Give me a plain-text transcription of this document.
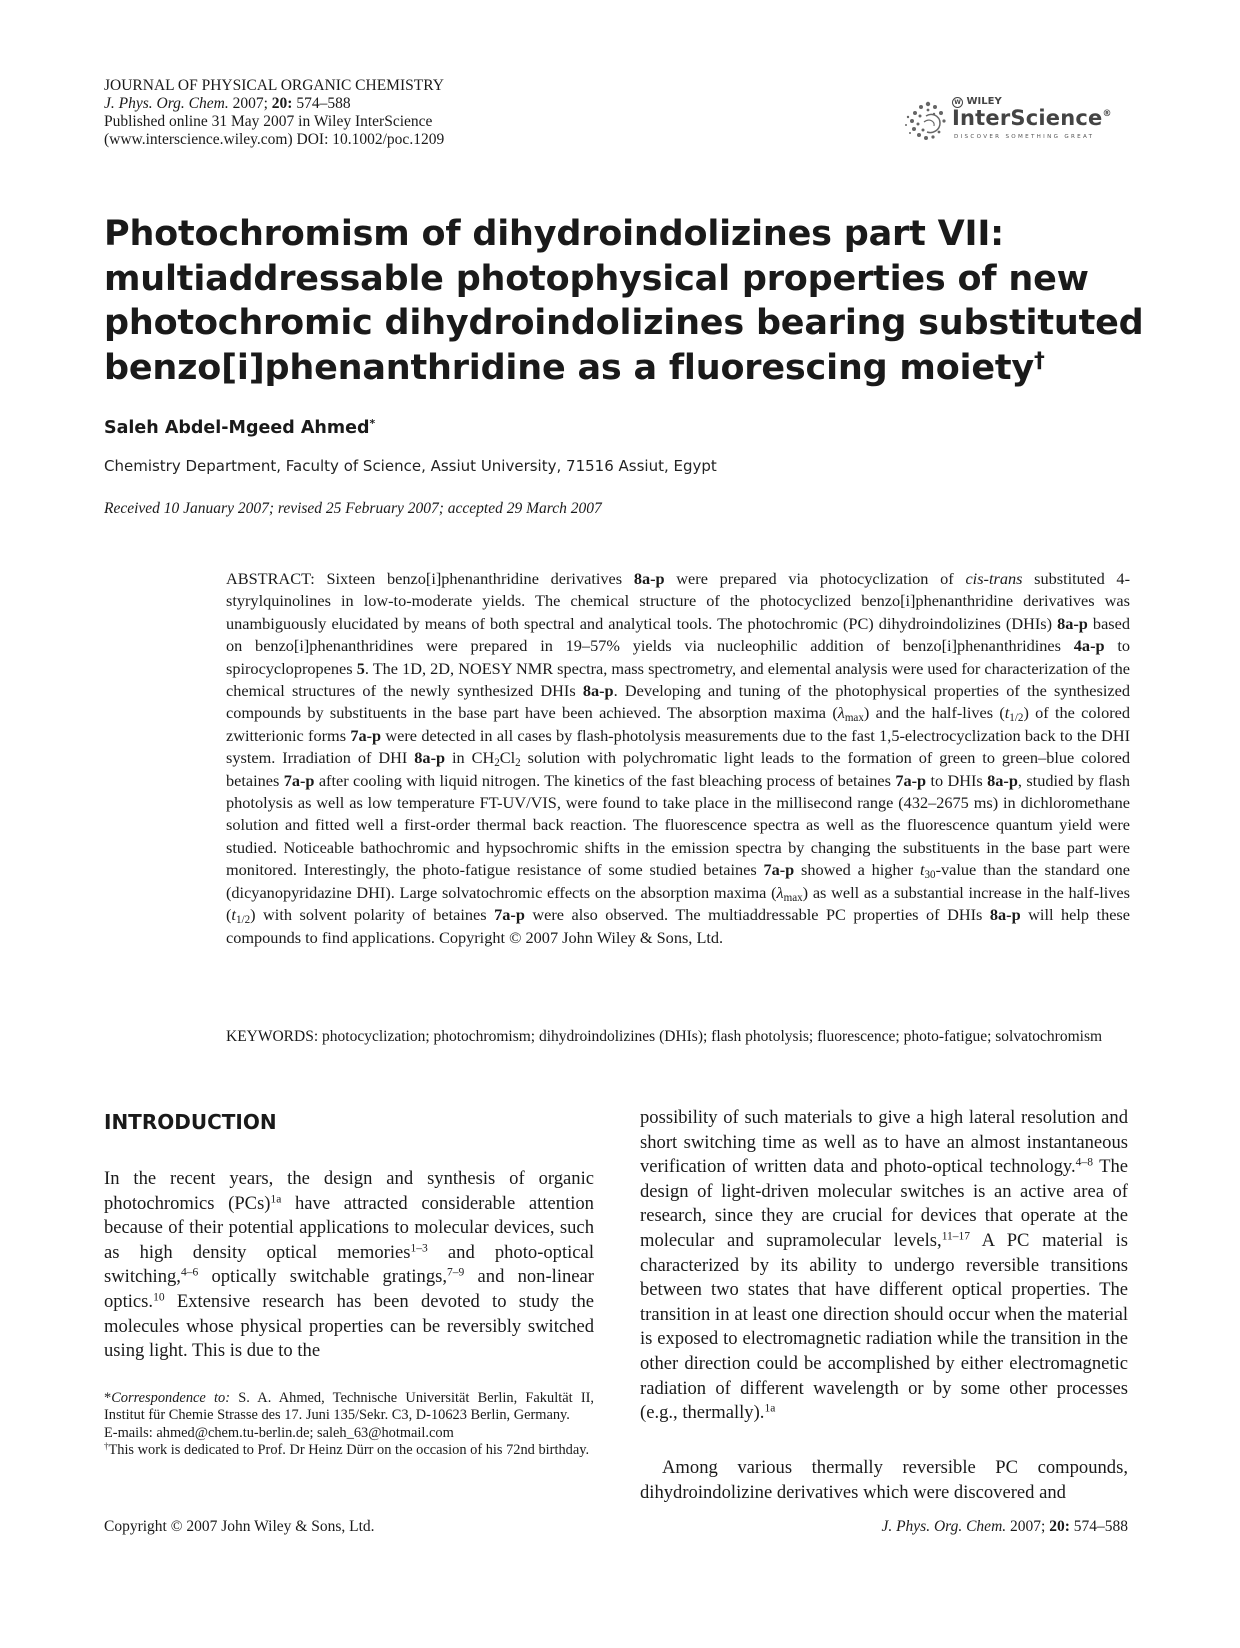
JOURNAL OF PHYSICAL ORGANIC CHEMISTRY
J. Phys. Org. Chem. 2007; 20: 574–588
Published online 31 May 2007 in Wiley InterScience
(www.interscience.wiley.com) DOI: 10.1002/poc.1209
W WILEY
InterScience®
DISCOVER SOMETHING GREAT
Photochromism of dihydroindolizines part VII: multiaddressable photophysical properties of new photochromic dihydroindolizines bearing substituted benzo[i]phenanthridine as a fluorescing moiety†
Saleh Abdel-Mgeed Ahmed*
Chemistry Department, Faculty of Science, Assiut University, 71516 Assiut, Egypt
Received 10 January 2007; revised 25 February 2007; accepted 29 March 2007

ABSTRACT: Sixteen benzo[i]phenanthridine derivatives 8a-p were prepared via photocyclization of cis-trans substituted 4-styrylquinolines in low-to-moderate yields. The chemical structure of the photocyclized benzo[i]phenanthridine derivatives was unambiguously elucidated by means of both spectral and analytical tools. The photochromic (PC) dihydroindolizines (DHIs) 8a-p based on benzo[i]phenanthridines were prepared in 19–57% yields via nucleophilic addition of benzo[i]phenanthridines 4a-p to spirocyclopropenes 5. The 1D, 2D, NOESY NMR spectra, mass spectrometry, and elemental analysis were used for characterization of the chemical structures of the newly synthesized DHIs 8a-p. Developing and tuning of the photophysical properties of the synthesized compounds by substituents in the base part have been achieved. The absorption maxima $(\lambda_{max})$ and the half-lives $(t_{1/2})$ of the colored zwitterionic forms 7a-p were detected in all cases by flash-photolysis measurements due to the fast 1,5-electrocyclization back to the DHI system. Irradiation of DHI 8a-p in $CH_2Cl_2$ solution with polychromatic light leads to the formation of green to green–blue colored betaines 7a-p after cooling with liquid nitrogen. The kinetics of the fast bleaching process of betaines 7a-p to DHIs 8a-p, studied by flash photolysis as well as low temperature FT-UV/VIS, were found to take place in the millisecond range (432–2675 ms) in dichloromethane solution and fitted well a first-order thermal back reaction. The fluorescence spectra as well as the fluorescence quantum yield were studied. Noticeable bathochromic and hypsochromic shifts in the emission spectra by changing the substituents in the base part were monitored. Interestingly, the photo-fatigue resistance of some studied betaines 7a-p showed a higher $t_{30}$-value than the standard one (dicyanopyridazine DHI). Large solvatochromic effects on the absorption maxima $(\lambda_{max})$ as well as a substantial increase in the half-lives $(t_{1/2})$ with solvent polarity of betaines 7a-p were also observed. The multiaddressable PC properties of DHIs 8a-p will help these compounds to find applications. Copyright © 2007 John Wiley & Sons, Ltd.

KEYWORDS: photocyclization; photochromism; dihydroindolizines (DHIs); flash photolysis; fluorescence; photo-fatigue; solvatochromism

INTRODUCTION

In the recent years, the design and synthesis of organic photochromics (PCs)$^{1a}$ have attracted considerable attention because of their potential applications to molecular devices, such as high density optical memories$^{1-3}$ and photo-optical switching,$^{4-6}$ optically switchable gratings,$^{7-9}$ and non-linear optics.$^{10}$ Extensive research has been devoted to study the molecules whose physical properties can be reversibly switched using light. This is due to the

*Correspondence to: S. A. Ahmed, Technische Universität Berlin, Fakultät II, Institut für Chemie Strasse des 17. Juni 135/Sekr. C3, D-10623 Berlin, Germany.

E-mails: ahmed@chem.tu-berlin.de; saleh_63@hotmail.com

†This work is dedicated to Prof. Dr Heinz Dürr on the occasion of his 72nd birthday.

possibility of such materials to give a high lateral resolution and short switching time as well as to have an almost instantaneous verification of written data and photo-optical technology.$^{4-8}$ The design of light-driven molecular switches is an active area of research, since they are crucial for devices that operate at the molecular and supramolecular levels,$^{11-17}$ A PC material is characterized by its ability to undergo reversible transitions between two states that have different optical properties. The transition in at least one direction should occur when the material is exposed to electromagnetic radiation while the transition in the other direction could be accomplished by either electromagnetic radiation of different wavelength or by some other processes (e.g., thermally).$^{1a}$

Among various thermally reversible PC compounds, dihydroindolizine derivatives which were discovered and

Copyright © 2007 John Wiley & Sons, Ltd.	J. Phys. Org. Chem. 2007; 20: 574–588
